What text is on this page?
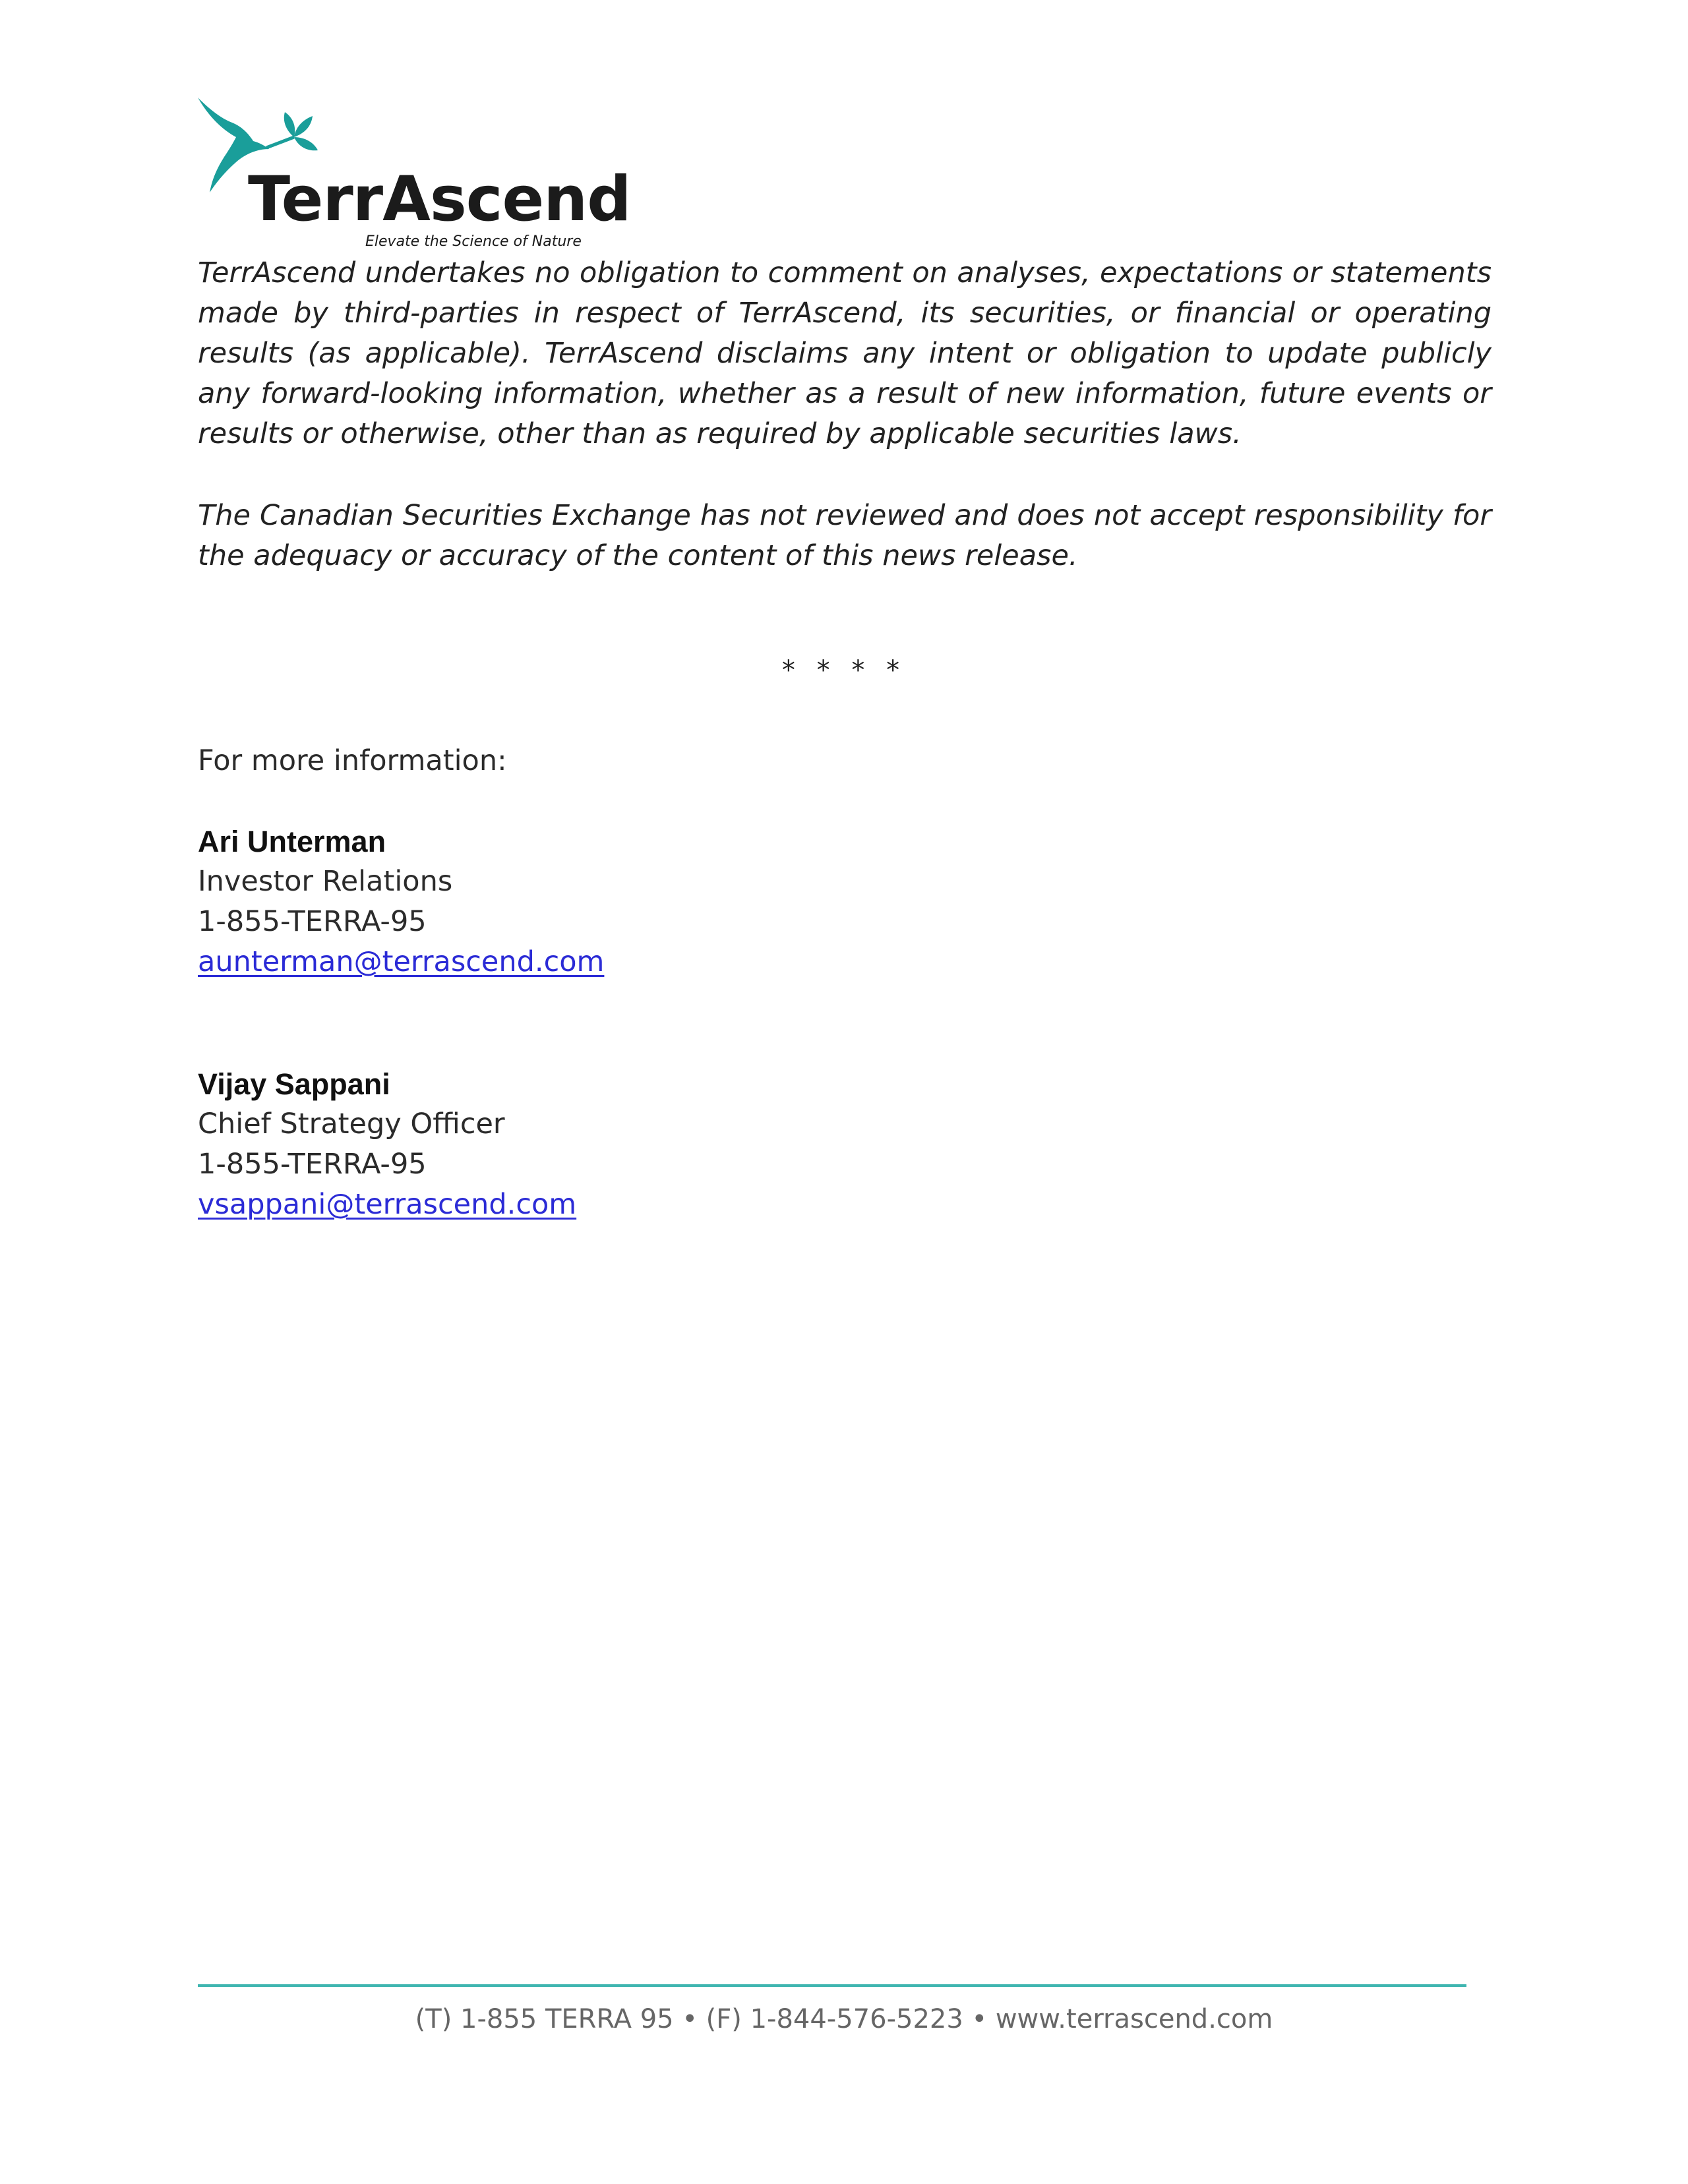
TerrAscend
Elevate the Science of Nature

TerrAscend undertakes no obligation to comment on analyses, expectations or statements made by third-parties in respect of TerrAscend, its securities, or financial or operating results (as applicable). TerrAscend disclaims any intent or obligation to update publicly any forward-looking information, whether as a result of new information, future events or results or otherwise, other than as required by applicable securities laws.

The Canadian Securities Exchange has not reviewed and does not accept responsibility for the adequacy or accuracy of the content of this news release.

* * * *
For more information:
Ari Unterman
Investor Relations
1-855-TERRA-95
aunterman@terrascend.com
Vijay Sappani
Chief Strategy Officer
1-855-TERRA-95
vsappani@terrascend.com
(T) 1-855 TERRA 95 • (F) 1-844-576-5223 • www.terrascend.com
